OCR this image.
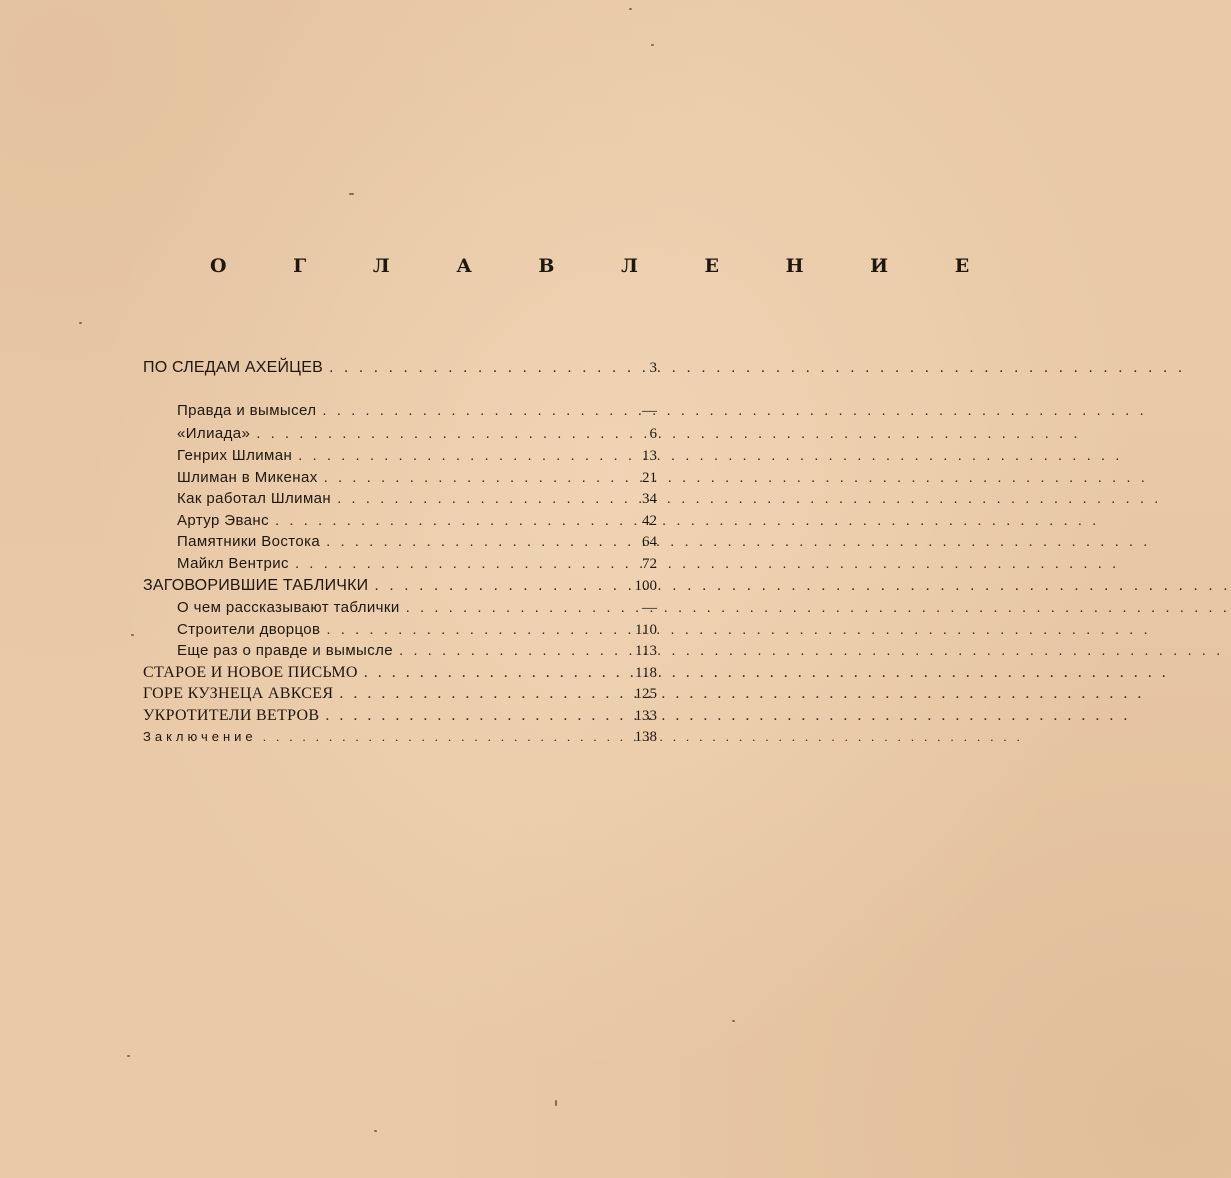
О Г Л А В Л Е Н И Е
ПО СЛЕДАМ АХЕЙЦЕВ . . .	3
Правда и вымысел . . .	—
«Илиада» . . .	6
Генрих Шлиман . . .	13
Шлиман в Микенах . . .	21
Как работал Шлиман . . .	34
Артур Эванс . . .	42
Памятники Востока . . .	64
Майкл Вентрис . . .	72
ЗАГОВОРИВШИЕ ТАБЛИЧКИ . . .	100
О чем рассказывают таблички . . .	—
Строители дворцов . . .	110
Еще раз о правде и вымысле . . .	113
СТАРОЕ И НОВОЕ ПИСЬМО . . .	118
ГОРЕ КУЗНЕЦА АВКСЕЯ . . .	125
УКРОТИТЕЛИ ВЕТРОВ . . .	133
Заключение . . .	138
